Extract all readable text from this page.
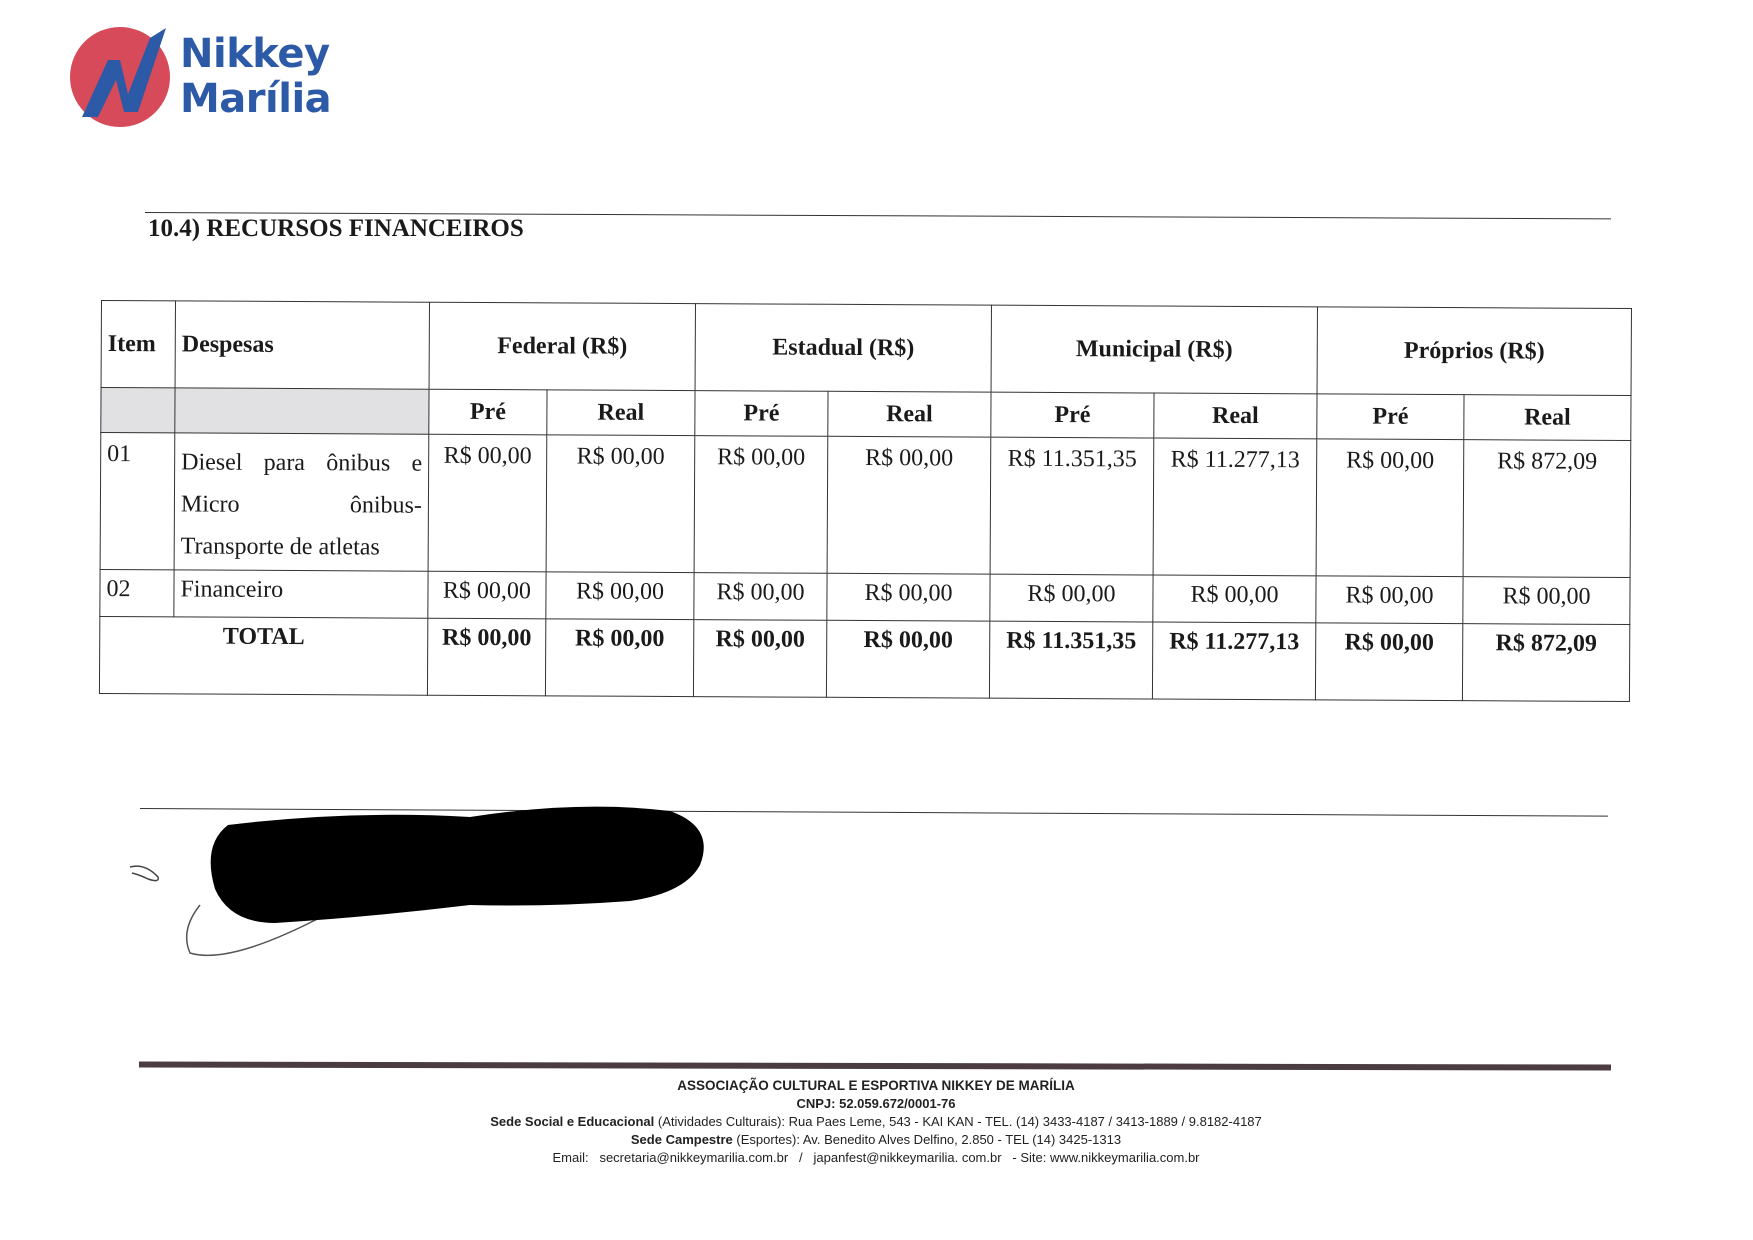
Nikkey
Marília
10.4) RECURSOS FINANCEIROS
Item	Despesas	Federal (R$)		Estadual (R$)		Municipal (R$)		Próprios (R$)	
		Pré	Real	Pré	Real	Pré	Real	Pré	Real
01	Diesel para ônibus e
Micro ônibus-
Transporte de atletas	R$ 00,00	R$ 00,00	R$ 00,00	R$ 00,00	R$ 11.351,35	R$ 11.277,13	R$ 00,00	R$ 872,09
02	Financeiro	R$ 00,00	R$ 00,00	R$ 00,00	R$ 00,00	R$ 00,00	R$ 00,00	R$ 00,00	R$ 00,00
TOTAL		R$ 00,00	R$ 00,00	R$ 00,00	R$ 00,00	R$ 11.351,35	R$ 11.277,13	R$ 00,00	R$ 872,09
ASSOCIAÇÃO CULTURAL E ESPORTIVA NIKKEY DE MARÍLIA
CNPJ: 52.059.672/0001-76
Sede Social e Educacional (Atividades Culturais): Rua Paes Leme, 543 - KAI KAN - TEL. (14) 3433-4187 / 3413-1889 / 9.8182-4187
Sede Campestre (Esportes): Av. Benedito Alves Delfino, 2.850 - TEL (14) 3425-1313
Email: secretaria@nikkeymarilia.com.br / japanfest@nikkeymarilia. com.br - Site: www.nikkeymarilia.com.br
